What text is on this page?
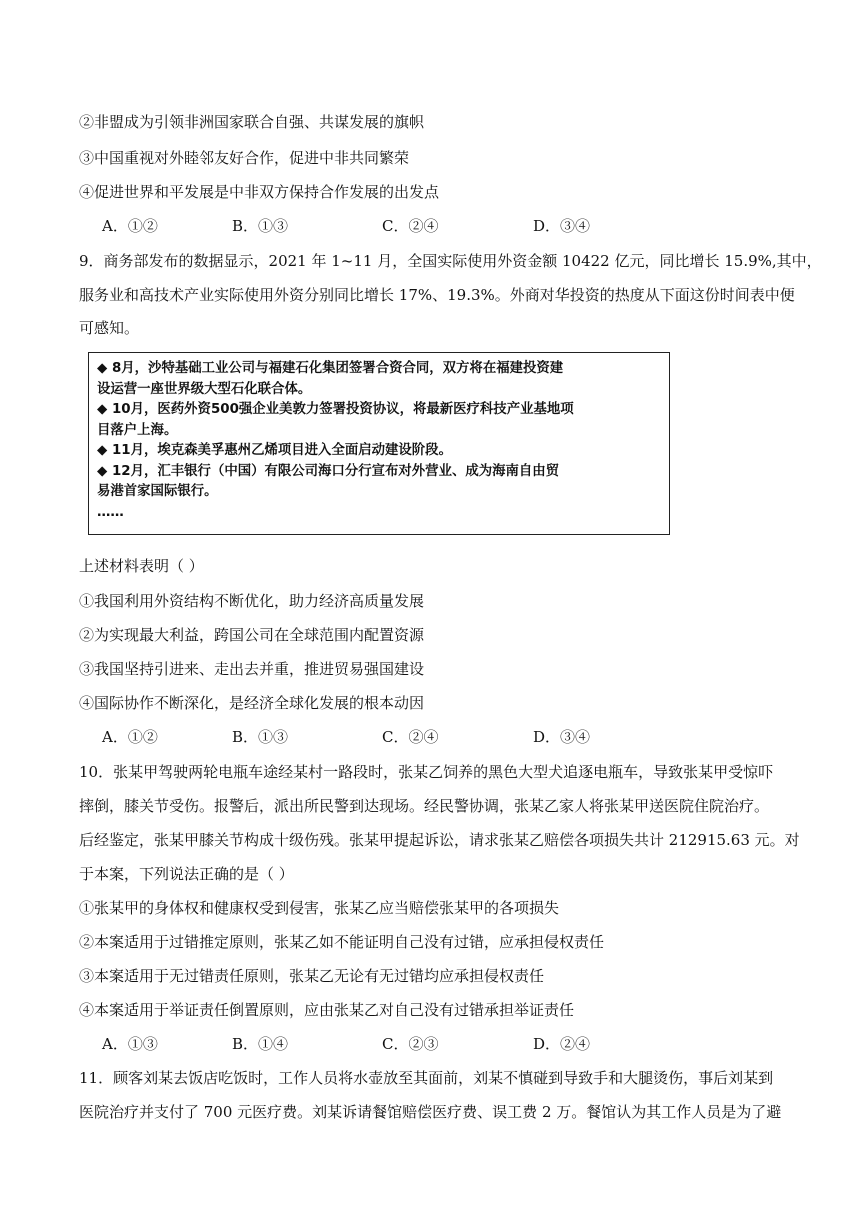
②非盟成为引领非洲国家联合自强、共谋发展的旗帜
③中国重视对外睦邻友好合作，促进中非共同繁荣
④促进世界和平发展是中非双方保持合作发展的出发点
A．①②	B．①③	C．②④	D．③④
9．商务部发布的数据显示，2021 年 1~11 月，全国实际使用外资金额 10422 亿元，同比增长 15.9%,其中，
服务业和高技术产业实际使用外资分别同比增长 17%、19.3%。外商对华投资的热度从下面这份时间表中便
可感知。
◆ 8月，沙特基础工业公司与福建石化集团签署合资合同，双方将在福建投资建
设运营一座世界级大型石化联合体。
◆ 10月，医药外资500强企业美敦力签署投资协议，将最新医疗科技产业基地项
目落户上海。
◆ 11月，埃克森美孚惠州乙烯项目进入全面启动建设阶段。
◆ 12月，汇丰银行（中国）有限公司海口分行宣布对外营业、成为海南自由贸
易港首家国际银行。
……
上述材料表明（ ）
①我国利用外资结构不断优化，助力经济高质量发展
②为实现最大利益，跨国公司在全球范围内配置资源
③我国坚持引进来、走出去并重，推进贸易强国建设
④国际协作不断深化，是经济全球化发展的根本动因
A．①②	B．①③	C．②④	D．③④
10．张某甲驾驶两轮电瓶车途经某村一路段时，张某乙饲养的黑色大型犬追逐电瓶车，导致张某甲受惊吓
摔倒，膝关节受伤。报警后，派出所民警到达现场。经民警协调，张某乙家人将张某甲送医院住院治疗。
后经鉴定，张某甲膝关节构成十级伤残。张某甲提起诉讼，请求张某乙赔偿各项损失共计 212915.63 元。对
于本案，下列说法正确的是（ ）
①张某甲的身体权和健康权受到侵害，张某乙应当赔偿张某甲的各项损失
②本案适用于过错推定原则，张某乙如不能证明自己没有过错，应承担侵权责任
③本案适用于无过错责任原则，张某乙无论有无过错均应承担侵权责任
④本案适用于举证责任倒置原则，应由张某乙对自己没有过错承担举证责任
A．①③	B．①④	C．②③	D．②④
11．顾客刘某去饭店吃饭时，工作人员将水壶放至其面前，刘某不慎碰到导致手和大腿烫伤，事后刘某到
医院治疗并支付了 700 元医疗费。刘某诉请餐馆赔偿医疗费、误工费 2 万。餐馆认为其工作人员是为了避
